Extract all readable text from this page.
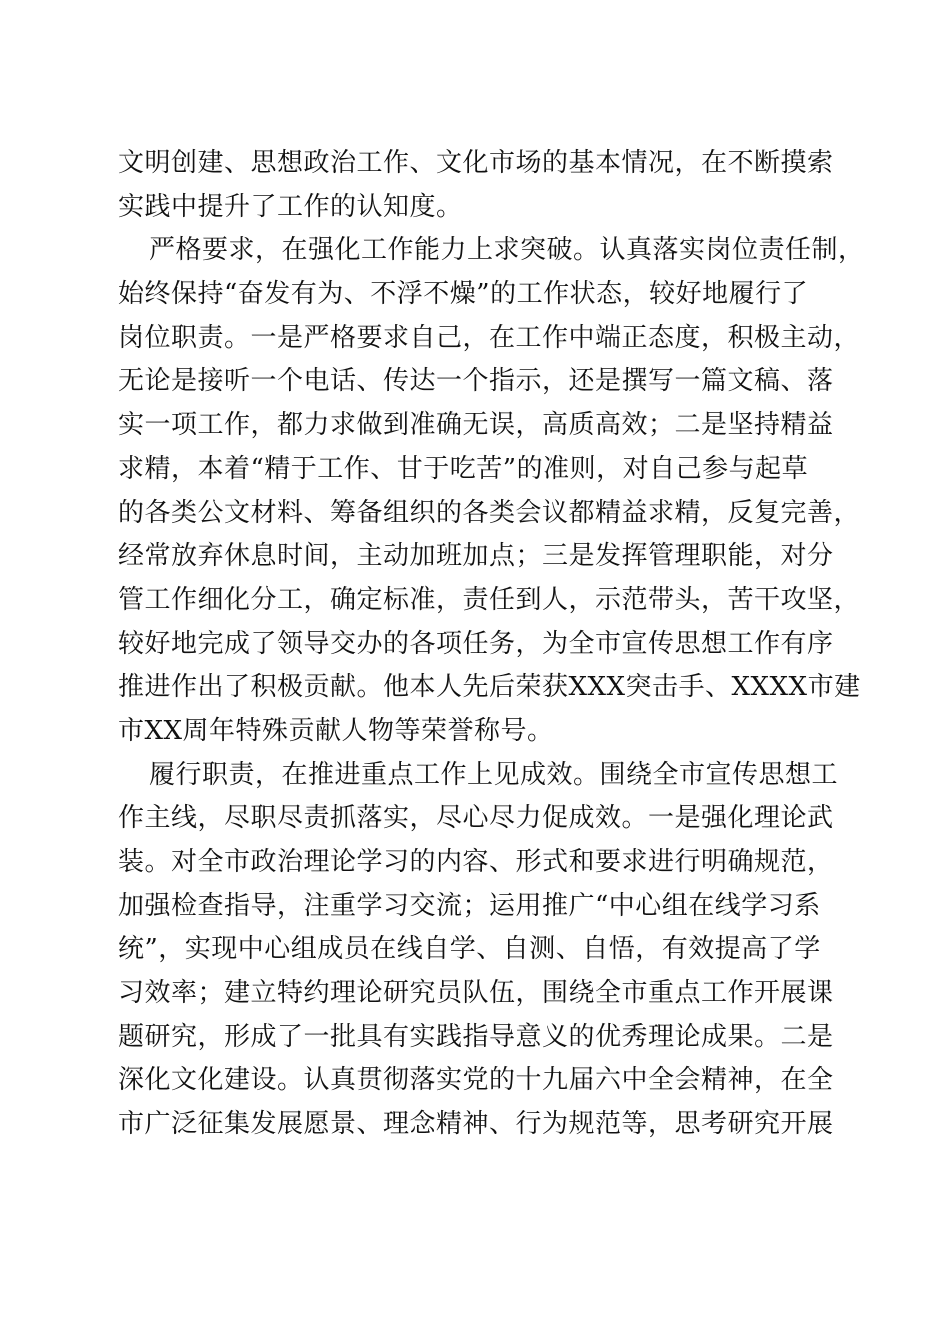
文明创建、思想政治工作、文化市场的基本情况，在不断摸索
实践中提升了工作的认知度。
严格要求，在强化工作能力上求突破。认真落实岗位责任制，
始终保持“奋发有为、不浮不燥”的工作状态，较好地履行了
岗位职责。一是严格要求自己，在工作中端正态度，积极主动，
无论是接听一个电话、传达一个指示，还是撰写一篇文稿、落
实一项工作，都力求做到准确无误，高质高效；二是坚持精益
求精，本着“精于工作、甘于吃苦”的准则，对自己参与起草
的各类公文材料、筹备组织的各类会议都精益求精，反复完善，
经常放弃休息时间，主动加班加点；三是发挥管理职能，对分
管工作细化分工，确定标准，责任到人，示范带头，苦干攻坚，
较好地完成了领导交办的各项任务，为全市宣传思想工作有序
推进作出了积极贡献。他本人先后荣获XXX突击手、XXXX市建
市XX周年特殊贡献人物等荣誉称号。
履行职责，在推进重点工作上见成效。围绕全市宣传思想工
作主线，尽职尽责抓落实，尽心尽力促成效。一是强化理论武
装。对全市政治理论学习的内容、形式和要求进行明确规范，
加强检查指导，注重学习交流；运用推广“中心组在线学习系
统”，实现中心组成员在线自学、自测、自悟，有效提高了学
习效率；建立特约理论研究员队伍，围绕全市重点工作开展课
题研究，形成了一批具有实践指导意义的优秀理论成果。二是
深化文化建设。认真贯彻落实党的十九届六中全会精神，在全
市广泛征集发展愿景、理念精神、行为规范等，思考研究开展
